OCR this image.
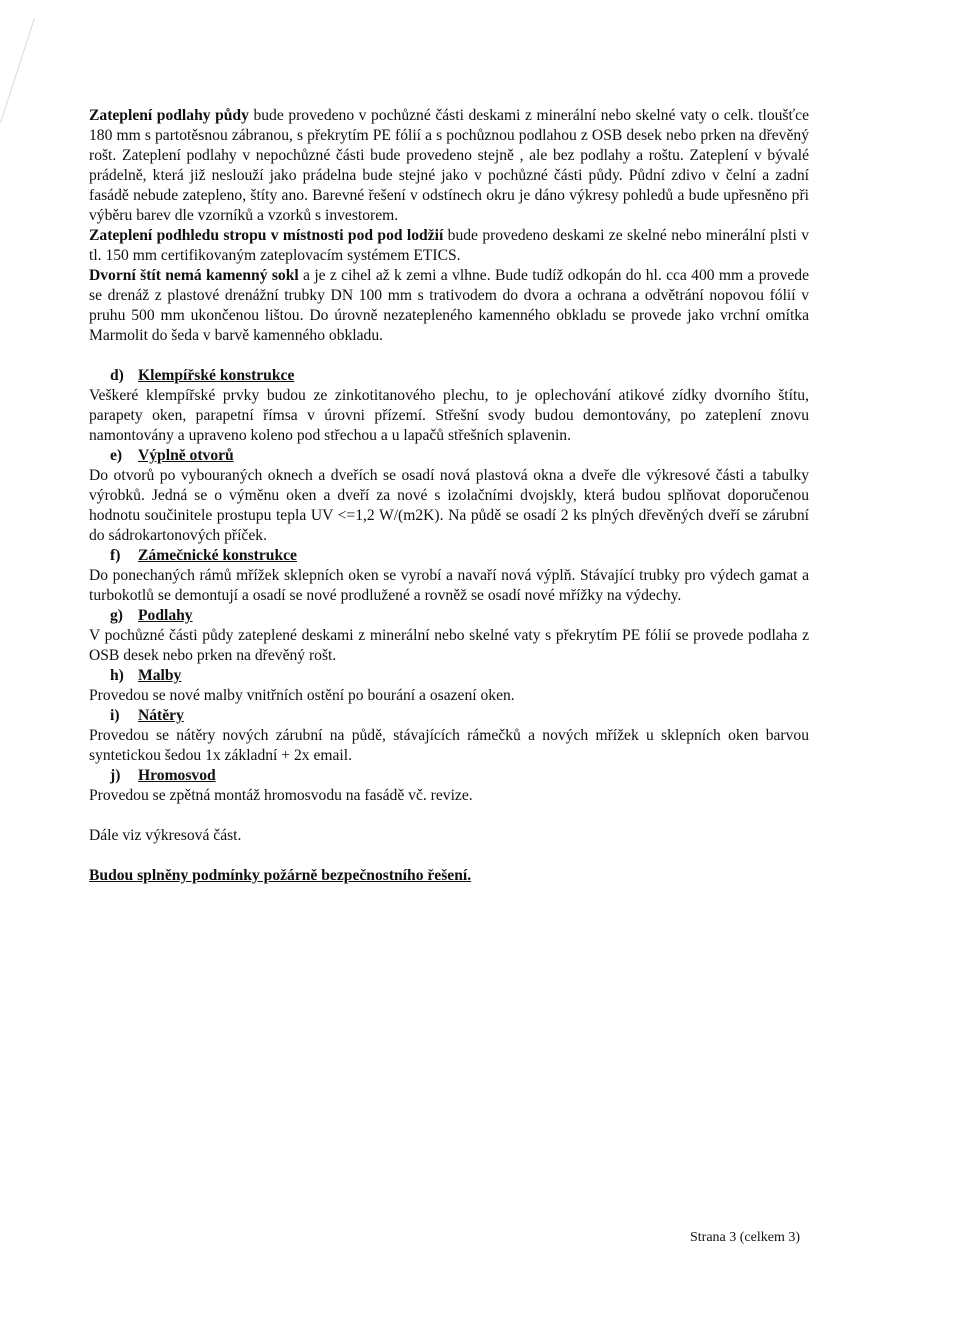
Zateplení podlahy půdy bude provedeno v pochůzné části deskami z minerální nebo skelné vaty o celk. tloušťce 180 mm s partotěsnou zábranou, s překrytím PE fólií a s pochůznou podlahou z OSB desek nebo prken na dřevěný rošt. Zateplení podlahy v nepochůzné části bude provedeno stejně , ale bez podlahy a roštu. Zateplení v bývalé prádelně, která již neslouží jako prádelna bude stejné jako v pochůzné části půdy. Půdní zdivo v čelní a zadní fasádě nebude zatepleno, štíty ano. Barevné řešení v odstínech okru je dáno výkresy pohledů a bude upřesněno při výběru barev dle vzorníků a vzorků s investorem.

Zateplení podhledu stropu v místnosti pod pod lodžií bude provedeno deskami ze skelné nebo minerální plsti v tl. 150 mm certifikovaným zateplovacím systémem ETICS.

Dvorní štít nemá kamenný sokl a je z cihel až k zemi a vlhne. Bude tudíž odkopán do hl. cca 400 mm a provede se drenáž z plastové drenážní trubky DN 100 mm s trativodem do dvora a ochrana a odvětrání nopovou fólií v pruhu 500 mm ukončenou lištou. Do úrovně nezatepleného kamenného obkladu se provede jako vrchní omítka Marmolit do šeda v barvě kamenného obkladu.

d) Klempířské konstrukce

Veškeré klempířské prvky budou ze zinkotitanového plechu, to je oplechování atikové zídky dvorního štítu, parapety oken, parapetní římsa v úrovni přízemí. Střešní svody budou demontovány, po zateplení znovu namontovány a upraveno koleno pod střechou a u lapačů střešních splavenin.

e) Výplně otvorů

Do otvorů po vybouraných oknech a dveřích se osadí nová plastová okna a dveře dle výkresové části a tabulky výrobků. Jedná se o výměnu oken a dveří za nové s izolačními dvojskly, která budou splňovat doporučenou hodnotu součinitele prostupu tepla UV <=1,2 W/(m2K). Na půdě se osadí 2 ks plných dřevěných dveří se zárubní do sádrokartonových příček.

f) Zámečnické konstrukce

Do ponechaných rámů mřížek sklepních oken se vyrobí a navaří nová výplň. Stávající trubky pro výdech gamat a turbokotlů se demontují a osadí se nové prodlužené a rovněž se osadí nové mřížky na výdechy.

g) Podlahy

V pochůzné části půdy zateplené deskami z minerální nebo skelné vaty s překrytím PE fólií se provede podlaha z OSB desek nebo prken na dřevěný rošt.

h) Malby

Provedou se nové malby vnitřních ostění po bourání a osazení oken.

i) Nátěry

Provedou se nátěry nových zárubní na půdě, stávajících rámečků a nových mřížek u sklepních oken barvou syntetickou šedou 1x základní + 2x email.

j) Hromosvod

Provedou se zpětná montáž hromosvodu na fasádě vč. revize.

Dále viz výkresová část.

Budou splněny podmínky požárně bezpečnostního řešení.

Strana 3 (celkem 3)
